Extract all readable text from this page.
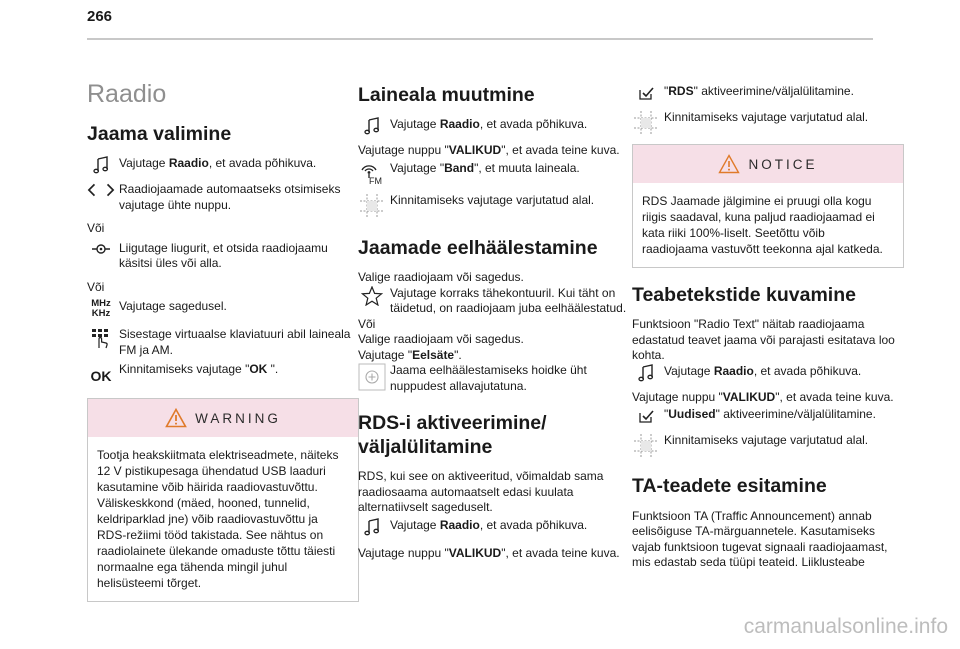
266
Raadio
Jaama valimine
Vajutage Raadio, et avada põhikuva.
Raadiojaamade automaatseks otsimiseks vajutage ühte nuppu.
Või
Liigutage liugurit, et otsida raadiojaamu käsitsi üles või alla.
Või
MHz
KHz
Vajutage sagedusel.
Sisestage virtuaalse klaviatuuri abil laineala FM ja AM.
OK Kinnitamiseks vajutage "OK ".
WARNING
Tootja heakskiitmata elektriseadmete, näiteks 12 V pistikupesaga ühendatud USB laaduri kasutamine võib häirida raadiovastuvõttu. Väliskeskkond (mäed, hooned, tunnelid, keldriparklad jne) võib raadiovastuvõttu ja RDS-režiimi tööd takistada. See nähtus on raadiolainete ülekande omaduste tõttu täiesti normaalne ega tähenda mingil juhul helisüsteemi tõrget.
Laineala muutmine
Vajutage Raadio, et avada põhikuva.
Vajutage nuppu "VALIKUD", et avada teine kuva.
FM
Vajutage "Band", et muuta laineala.
Kinnitamiseks vajutage varjutatud alal.
Jaamade eelhäälestamine
Valige raadiojaam või sagedus.
Vajutage korraks tähekontuuril. Kui täht on täidetud, on raadiojaam juba eelhäälestatud.
Või
Valige raadiojaam või sagedus.
Vajutage "Eelsäte".
Jaama eelhäälestamiseks hoidke üht nuppudest allavajutatuna.
RDS-i aktiveerimine/ väljalülitamine
RDS, kui see on aktiveeritud, võimaldab sama raadiosaama automaatselt edasi kuulata alternatiivselt sageduselt.
Vajutage Raadio, et avada põhikuva.
Vajutage nuppu "VALIKUD", et avada teine kuva.
"RDS" aktiveerimine/väljalülitamine.
Kinnitamiseks vajutage varjutatud alal.
NOTICE
RDS Jaamade jälgimine ei pruugi olla kogu riigis saadaval, kuna paljud raadiojaamad ei kata riiki 100%-liselt. Seetõttu võib raadiojaama vastuvõtt teekonna ajal katkeda.
Teabetekstide kuvamine
Funktsioon "Radio Text" näitab raadiojaama edastatud teavet jaama või parajasti esitatava loo kohta.
Vajutage Raadio, et avada põhikuva.
Vajutage nuppu "VALIKUD", et avada teine kuva.
"Uudised" aktiveerimine/väljalülitamine.
Kinnitamiseks vajutage varjutatud alal.
TA-teadete esitamine
Funktsioon TA (Traffic Announcement) annab eelisõiguse TA-märguannetele. Kasutamiseks vajab funktsioon tugevat signaali raadiojaamast, mis edastab seda tüüpi teateid. Liiklusteabe
carmanualsonline.info
